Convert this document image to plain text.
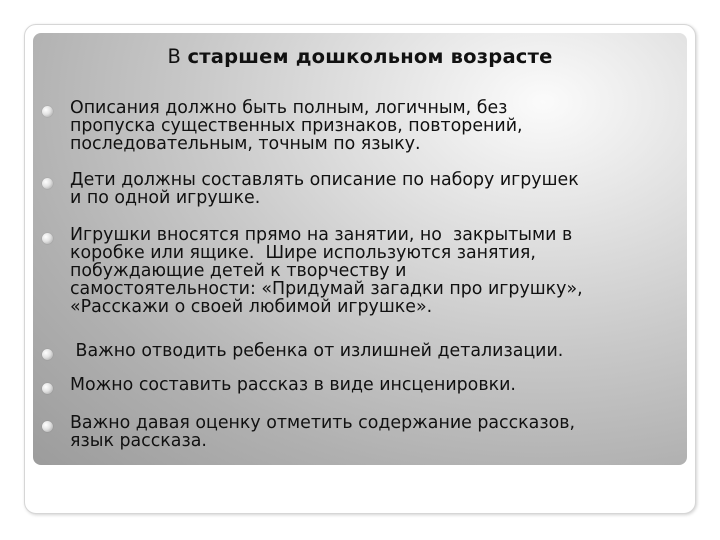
В старшем дошкольном возрасте
Описания должно быть полным, логичным, без
пропуска существенных признаков, повторений,
последовательным, точным по языку.
Дети должны составлять описание по набору игрушек
и по одной игрушке.
Игрушки вносятся прямо на занятии, но  закрытыми в
коробке или ящике.  Шире используются занятия,
побуждающие детей к творчеству и
самостоятельности: «Придумай загадки про игрушку»,
«Расскажи о своей любимой игрушке».
Важно отводить ребенка от излишней детализации.
Можно составить рассказ в виде инсценировки.
Важно давая оценку отметить содержание рассказов,
язык рассказа.
